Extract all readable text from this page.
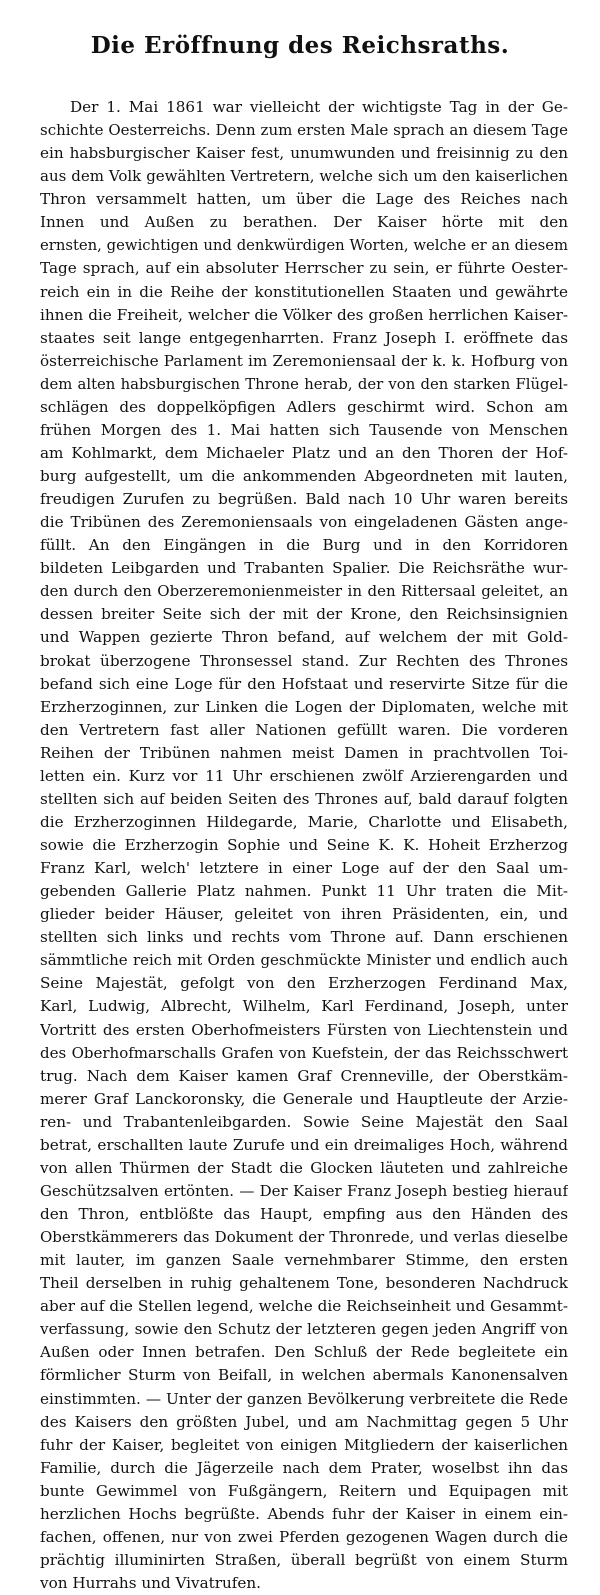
Die Eröffnung des Reichsraths.
Der 1. Mai 1861 war vielleicht der wichtigste Tag in der Ge-
schichte Oesterreichs. Denn zum ersten Male sprach an diesem Tage
ein habsburgischer Kaiser fest, unumwunden und freisinnig zu den
aus dem Volk gewählten Vertretern, welche sich um den kaiserlichen
Thron versammelt hatten, um über die Lage des Reiches nach
Innen und Außen zu berathen. Der Kaiser hörte mit den
ernsten, gewichtigen und denkwürdigen Worten, welche er an diesem
Tage sprach, auf ein absoluter Herrscher zu sein, er führte Oester-
reich ein in die Reihe der konstitutionellen Staaten und gewährte
ihnen die Freiheit, welcher die Völker des großen herrlichen Kaiser-
staates seit lange entgegenharrten. Franz Joseph I. eröffnete das
österreichische Parlament im Zeremoniensaal der k. k. Hofburg von
dem alten habsburgischen Throne herab, der von den starken Flügel-
schlägen des doppelköpfigen Adlers geschirmt wird. Schon am
frühen Morgen des 1. Mai hatten sich Tausende von Menschen
am Kohlmarkt, dem Michaeler Platz und an den Thoren der Hof-
burg aufgestellt, um die ankommenden Abgeordneten mit lauten,
freudigen Zurufen zu begrüßen. Bald nach 10 Uhr waren bereits
die Tribünen des Zeremoniensaals von eingeladenen Gästen ange-
füllt. An den Eingängen in die Burg und in den Korridoren
bildeten Leibgarden und Trabanten Spalier. Die Reichsräthe wur-
den durch den Oberzeremonienmeister in den Rittersaal geleitet, an
dessen breiter Seite sich der mit der Krone, den Reichsinsignien
und Wappen gezierte Thron befand, auf welchem der mit Gold-
brokat überzogene Thronsessel stand. Zur Rechten des Thrones
befand sich eine Loge für den Hofstaat und reservirte Sitze für die
Erzherzoginnen, zur Linken die Logen der Diplomaten, welche mit
den Vertretern fast aller Nationen gefüllt waren. Die vorderen
Reihen der Tribünen nahmen meist Damen in prachtvollen Toi-
letten ein. Kurz vor 11 Uhr erschienen zwölf Arzierengarden und
stellten sich auf beiden Seiten des Thrones auf, bald darauf folgten
die Erzherzoginnen Hildegarde, Marie, Charlotte und Elisabeth,
sowie die Erzherzogin Sophie und Seine K. K. Hoheit Erzherzog
Franz Karl, welch' letztere in einer Loge auf der den Saal um-
gebenden Gallerie Platz nahmen. Punkt 11 Uhr traten die Mit-
glieder beider Häuser, geleitet von ihren Präsidenten, ein, und
stellten sich links und rechts vom Throne auf. Dann erschienen
sämmtliche reich mit Orden geschmückte Minister und endlich auch
Seine Majestät, gefolgt von den Erzherzogen Ferdinand Max,
Karl, Ludwig, Albrecht, Wilhelm, Karl Ferdinand, Joseph, unter
Vortritt des ersten Oberhofmeisters Fürsten von Liechtenstein und
des Oberhofmarschalls Grafen von Kuefstein, der das Reichsschwert
trug. Nach dem Kaiser kamen Graf Crenneville, der Oberstkäm-
merer Graf Lanckoronsky, die Generale und Hauptleute der Arzie-
ren- und Trabantenleibgarden. Sowie Seine Majestät den Saal
betrat, erschallten laute Zurufe und ein dreimaliges Hoch, während
von allen Thürmen der Stadt die Glocken läuteten und zahlreiche
Geschützsalven ertönten. — Der Kaiser Franz Joseph bestieg hierauf
den Thron, entblößte das Haupt, empfing aus den Händen des
Oberstkämmerers das Dokument der Thronrede, und verlas dieselbe
mit lauter, im ganzen Saale vernehmbarer Stimme, den ersten
Theil derselben in ruhig gehaltenem Tone, besonderen Nachdruck
aber auf die Stellen legend, welche die Reichseinheit und Gesammt-
verfassung, sowie den Schutz der letzteren gegen jeden Angriff von
Außen oder Innen betrafen. Den Schluß der Rede begleitete ein
förmlicher Sturm von Beifall, in welchen abermals Kanonensalven
einstimmten. — Unter der ganzen Bevölkerung verbreitete die Rede
des Kaisers den größten Jubel, und am Nachmittag gegen 5 Uhr
fuhr der Kaiser, begleitet von einigen Mitgliedern der kaiserlichen
Familie, durch die Jägerzeile nach dem Prater, woselbst ihn das
bunte Gewimmel von Fußgängern, Reitern und Equipagen mit
herzlichen Hochs begrüßte. Abends fuhr der Kaiser in einem ein-
fachen, offenen, nur von zwei Pferden gezogenen Wagen durch die
prächtig illuminirten Straßen, überall begrüßt von einem Sturm
von Hurrahs und Vivatrufen.
